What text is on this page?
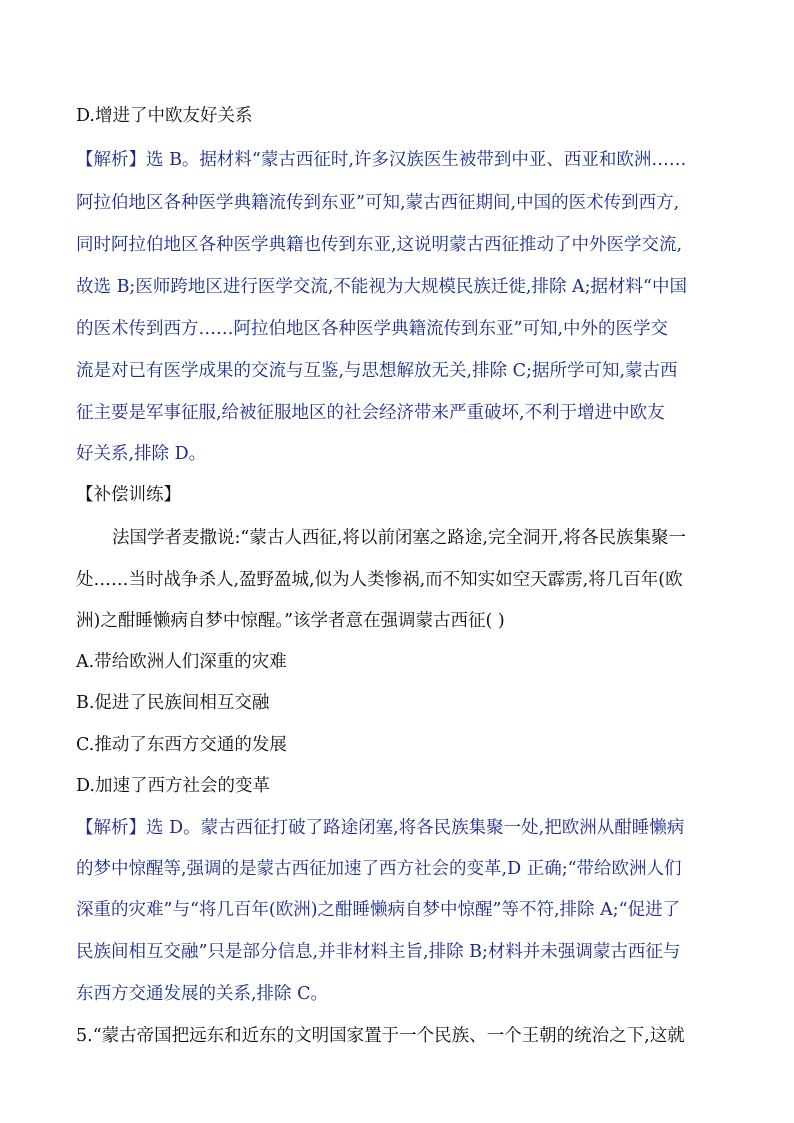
D.增进了中欧友好关系
【解析】选 B。据材料“蒙古西征时,许多汉族医生被带到中亚、西亚和欧洲……
阿拉伯地区各种医学典籍流传到东亚”可知,蒙古西征期间,中国的医术传到西方,
同时阿拉伯地区各种医学典籍也传到东亚,这说明蒙古西征推动了中外医学交流,
故选 B;医师跨地区进行医学交流,不能视为大规模民族迁徙,排除 A;据材料“中国
的医术传到西方……阿拉伯地区各种医学典籍流传到东亚”可知,中外的医学交
流是对已有医学成果的交流与互鉴,与思想解放无关,排除 C;据所学可知,蒙古西
征主要是军事征服,给被征服地区的社会经济带来严重破坏,不利于增进中欧友
好关系,排除 D。
【补偿训练】
法国学者麦撒说:“蒙古人西征,将以前闭塞之路途,完全洞开,将各民族集聚一
处……当时战争杀人,盈野盈城,似为人类惨祸,而不知实如空天霹雳,将几百年(欧
洲)之酣睡懒病自梦中惊醒。”该学者意在强调蒙古西征( )
A.带给欧洲人们深重的灾难
B.促进了民族间相互交融
C.推动了东西方交通的发展
D.加速了西方社会的变革
【解析】选 D。蒙古西征打破了路途闭塞,将各民族集聚一处,把欧洲从酣睡懒病
的梦中惊醒等,强调的是蒙古西征加速了西方社会的变革,D 正确;“带给欧洲人们
深重的灾难”与“将几百年(欧洲)之酣睡懒病自梦中惊醒”等不符,排除 A;“促进了
民族间相互交融”只是部分信息,并非材料主旨,排除 B;材料并未强调蒙古西征与
东西方交通发展的关系,排除 C。
5.“蒙古帝国把远东和近东的文明国家置于一个民族、一个王朝的统治之下,这就
